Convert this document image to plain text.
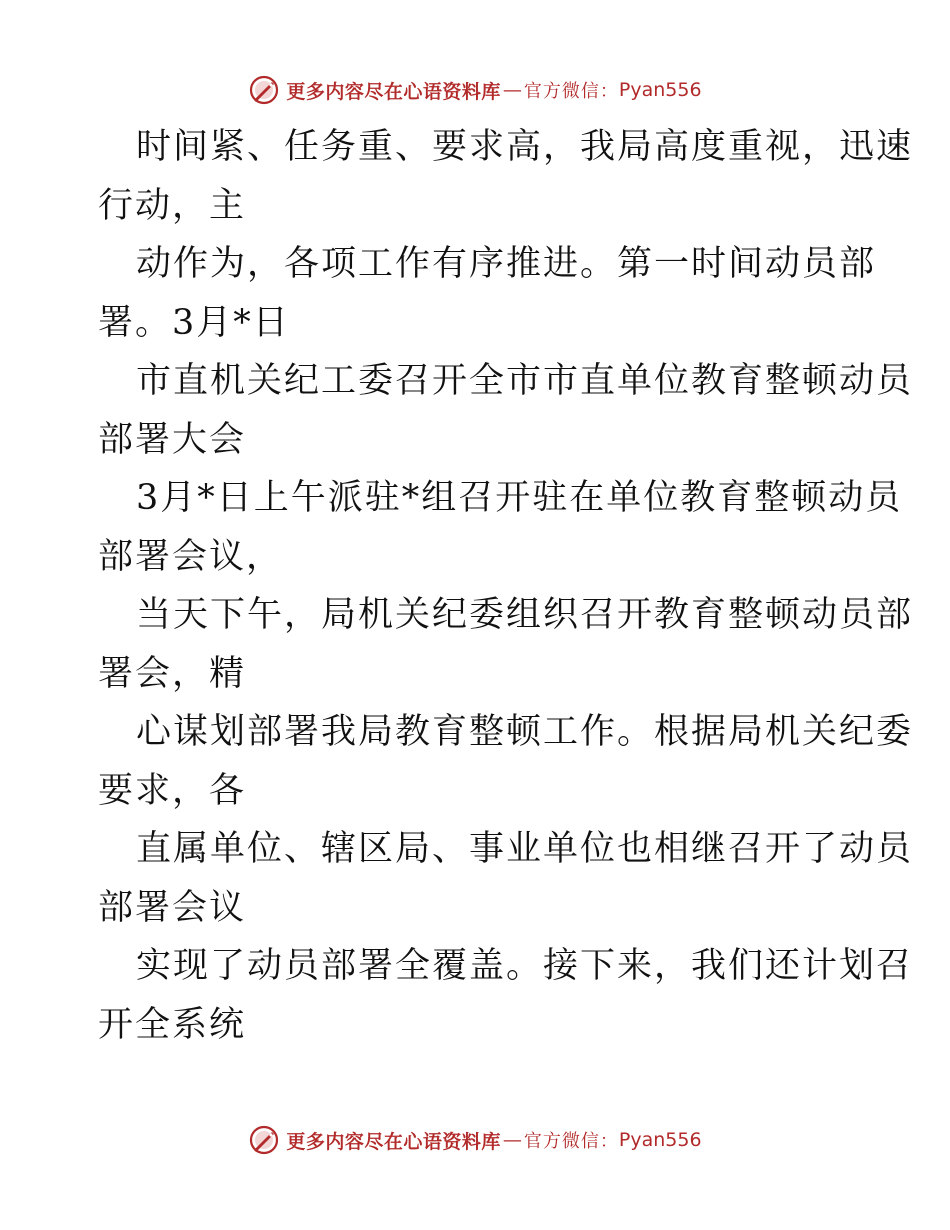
更多内容尽在心语资料库 — 官方微信： Pyan556
时间紧、任务重、要求高，我局高度重视，迅速
行动，主
动作为，各项工作有序推进。第一时间动员部
署。3月*日
市直机关纪工委召开全市市直单位教育整顿动员
部署大会
3月*日上午派驻*组召开驻在单位教育整顿动员
部署会议，
当天下午，局机关纪委组织召开教育整顿动员部
署会，精
心谋划部署我局教育整顿工作。根据局机关纪委
要求，各
直属单位、辖区局、事业单位也相继召开了动员
部署会议
实现了动员部署全覆盖。接下来，我们还计划召
开全系统
更多内容尽在心语资料库 — 官方微信： Pyan556
